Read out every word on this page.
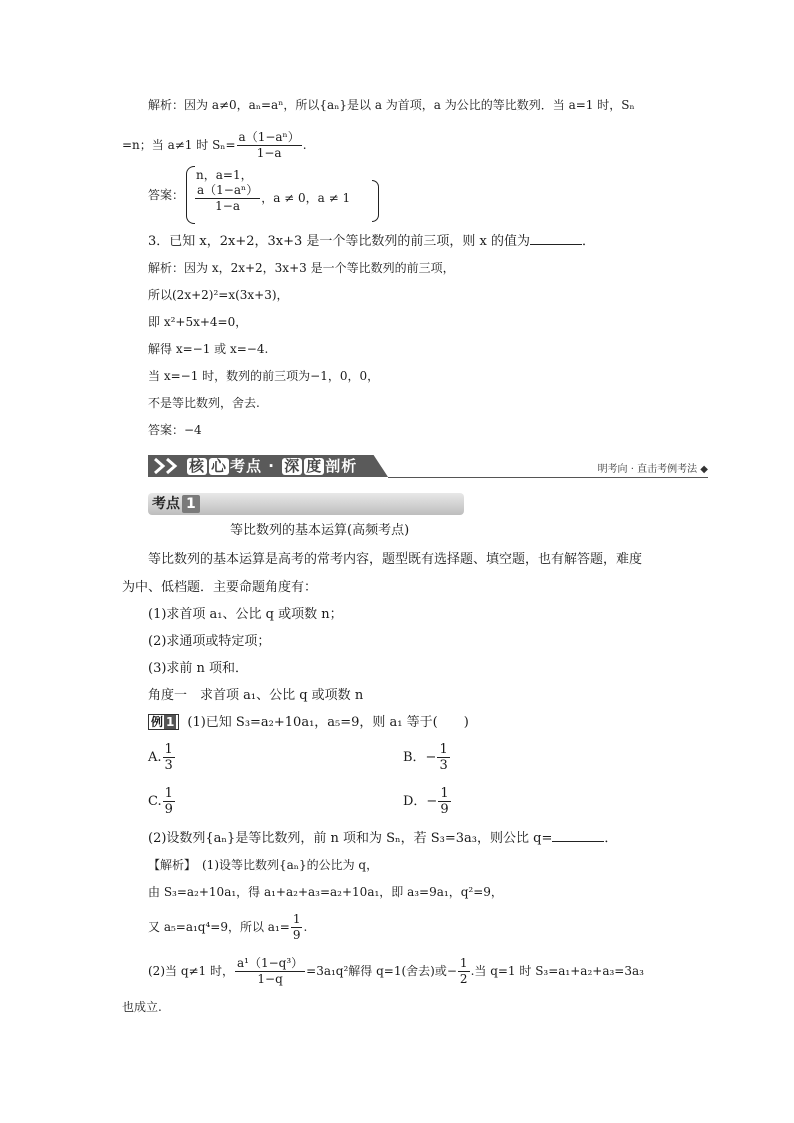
解析：因为 a≠0，aₙ=aⁿ，所以{aₙ}是以 a 为首项，a 为公比的等比数列．当 a=1 时，Sₙ
=n；当 a≠1 时 $S_n= \frac{\text{a（1−aⁿ）}}{1-a}$ .
答案：
n，a=1，
$\frac{\text{a（1−aⁿ）}}{1-a}$ ，a ≠ 0，a ≠ 1
3．已知 x，2x+2，3x+3 是一个等比数列的前三项，则 x 的值为	．
解析：因为 x，2x+2，3x+3 是一个等比数列的前三项，
所以(2x+2)²=x(3x+3)，
即 x²+5x+4=0，
解得 x=−1 或 x=−4.
当 x=−1 时，数列的前三项为−1，0，0，
不是等比数列，舍去.
答案：−4
核 心 考点 · 深 度 剖析	明考向 · 直击考例考法 ◆
考点 1
等比数列的基本运算(高频考点)
等比数列的基本运算是高考的常考内容，题型既有选择题、填空题，也有解答题，难度
为中、低档题．主要命题角度有：
(1)求首项 a₁、公比 q 或项数 n；
(2)求通项或特定项；
(3)求前 n 项和．
角度一　求首项 a₁、公比 q 或项数 n
例 1 (1)已知 S₃=a₂+10a₁，a₅=9，则 a₁ 等于(　　)
A. $\frac{1}{3}$	B．− $\frac{1}{3}$
C. $\frac{1}{9}$	D．− $\frac{1}{9}$
(2)设数列{aₙ}是等比数列，前 n 项和为 Sₙ，若 S₃=3a₃，则公比 q=	．
【解析】　(1)设等比数列{aₙ}的公比为 q，
由 S₃=a₂+10a₁，得 a₁+a₂+a₃=a₂+10a₁，即 a₃=9a₁，q²=9，
又 a₅=a₁q⁴=9，所以 $a_1= \frac{1}{9}$ .
(2)当 q≠1 时， $\frac{\text{a¹（1−q³）}}{1-q} =3a_1q^2$解得 q=1(舍去)或− $\frac{1}{2}$ .当 q=1 时 S₃=a₁+a₂+a₃=3a₃
也成立.
